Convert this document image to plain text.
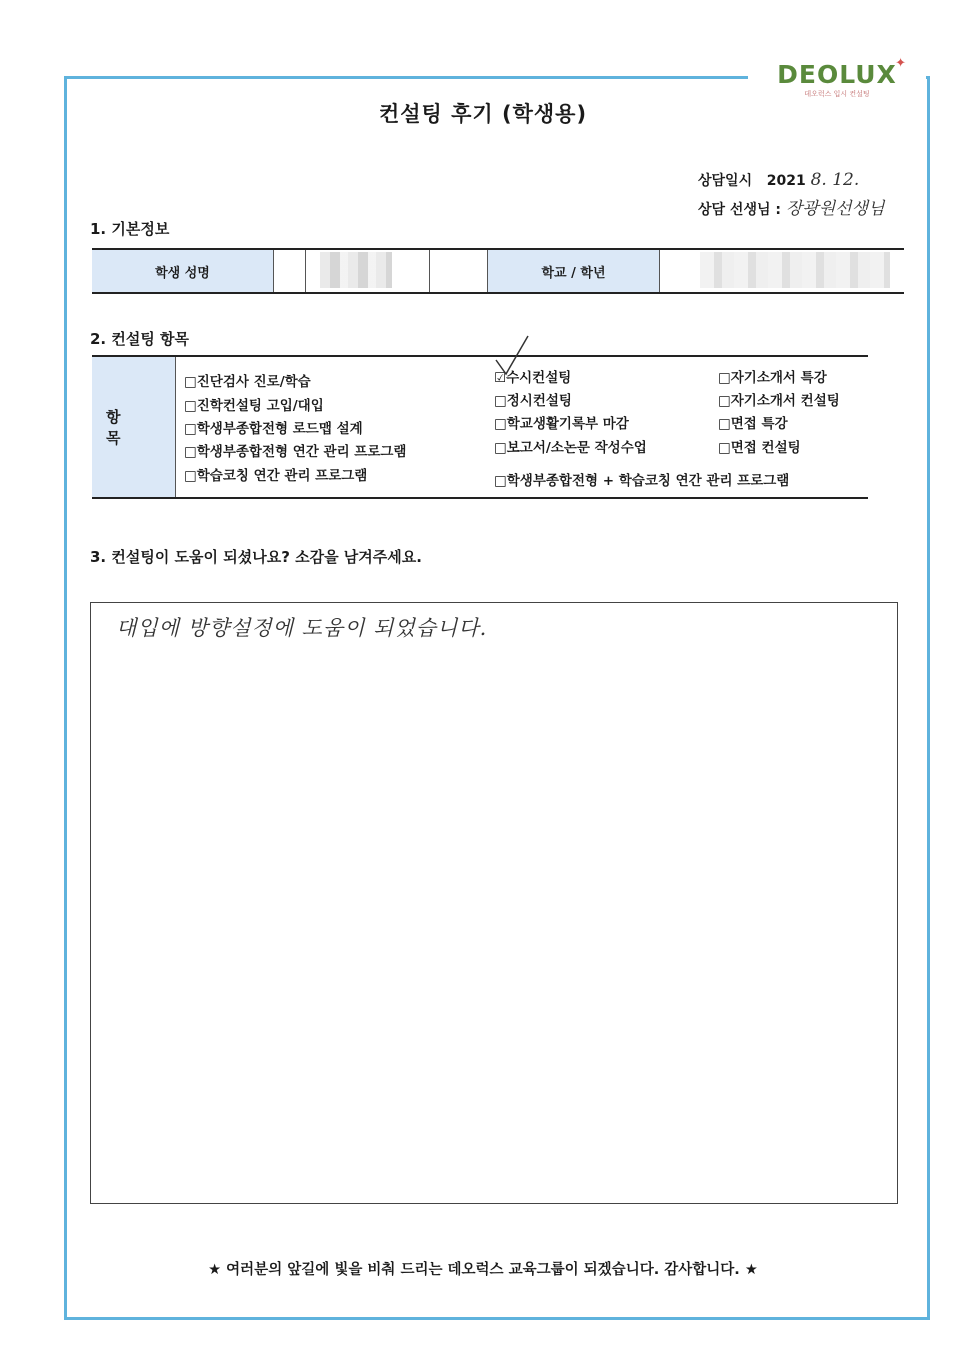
✦
DEOLUX
데오럭스 입시 컨설팅
컨설팅 후기 (학생용)
상담일시 2021 8. 12.
상담 선생님 : 장광원선생님
1. 기본정보
학생 성명	학교 / 학년
2. 컨설팅 항목
항 목
□진단검사 진로/학습
□진학컨설팅 고입/대입
□학생부종합전형 로드맵 설계
□학생부종합전형 연간 관리 프로그램
□학습코칭 연간 관리 프로그램
☑수시컨설팅
□정시컨설팅
□학교생활기록부 마감
□보고서/소논문 작성수업
□자기소개서 특강
□자기소개서 컨설팅
□면접 특강
□면접 컨설팅
□학생부종합전형 + 학습코칭 연간 관리 프로그램
3. 컨설팅이 도움이 되셨나요? 소감을 남겨주세요.
대입에 방향설정에 도움이 되었습니다.
★ 여러분의 앞길에 빛을 비춰 드리는 데오럭스 교육그룹이 되겠습니다. 감사합니다. ★
